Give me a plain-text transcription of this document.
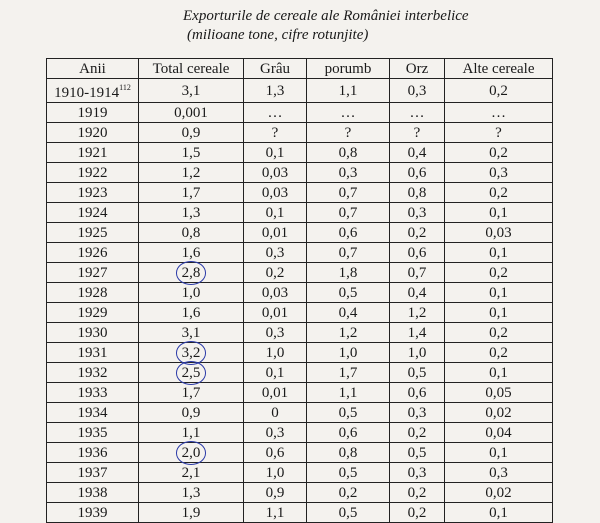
Exporturile de cereale ale României interbelice
(milioane tone, cifre rotunjite)
Anii	Total cereale	Grâu	porumb	Orz	Alte cereale
1910-1914$^{112}$	3,1	1,3	1,1	0,3	0,2
1919	0,001	…	…	…	…
1920	0,9	?	?	?	?
1921	1,5	0,1	0,8	0,4	0,2
1922	1,2	0,03	0,3	0,6	0,3
1923	1,7	0,03	0,7	0,8	0,2
1924	1,3	0,1	0,7	0,3	0,1
1925	0,8	0,01	0,6	0,2	0,03
1926	1,6	0,3	0,7	0,6	0,1
1927	2,8	0,2	1,8	0,7	0,2
1928	1,0	0,03	0,5	0,4	0,1
1929	1,6	0,01	0,4	1,2	0,1
1930	3,1	0,3	1,2	1,4	0,2
1931	3,2	1,0	1,0	1,0	0,2
1932	2,5	0,1	1,7	0,5	0,1
1933	1,7	0,01	1,1	0,6	0,05
1934	0,9	0	0,5	0,3	0,02
1935	1,1	0,3	0,6	0,2	0,04
1936	2,0	0,6	0,8	0,5	0,1
1937	2,1	1,0	0,5	0,3	0,3
1938	1,3	0,9	0,2	0,2	0,02
1939	1,9	1,1	0,5	0,2	0,1
